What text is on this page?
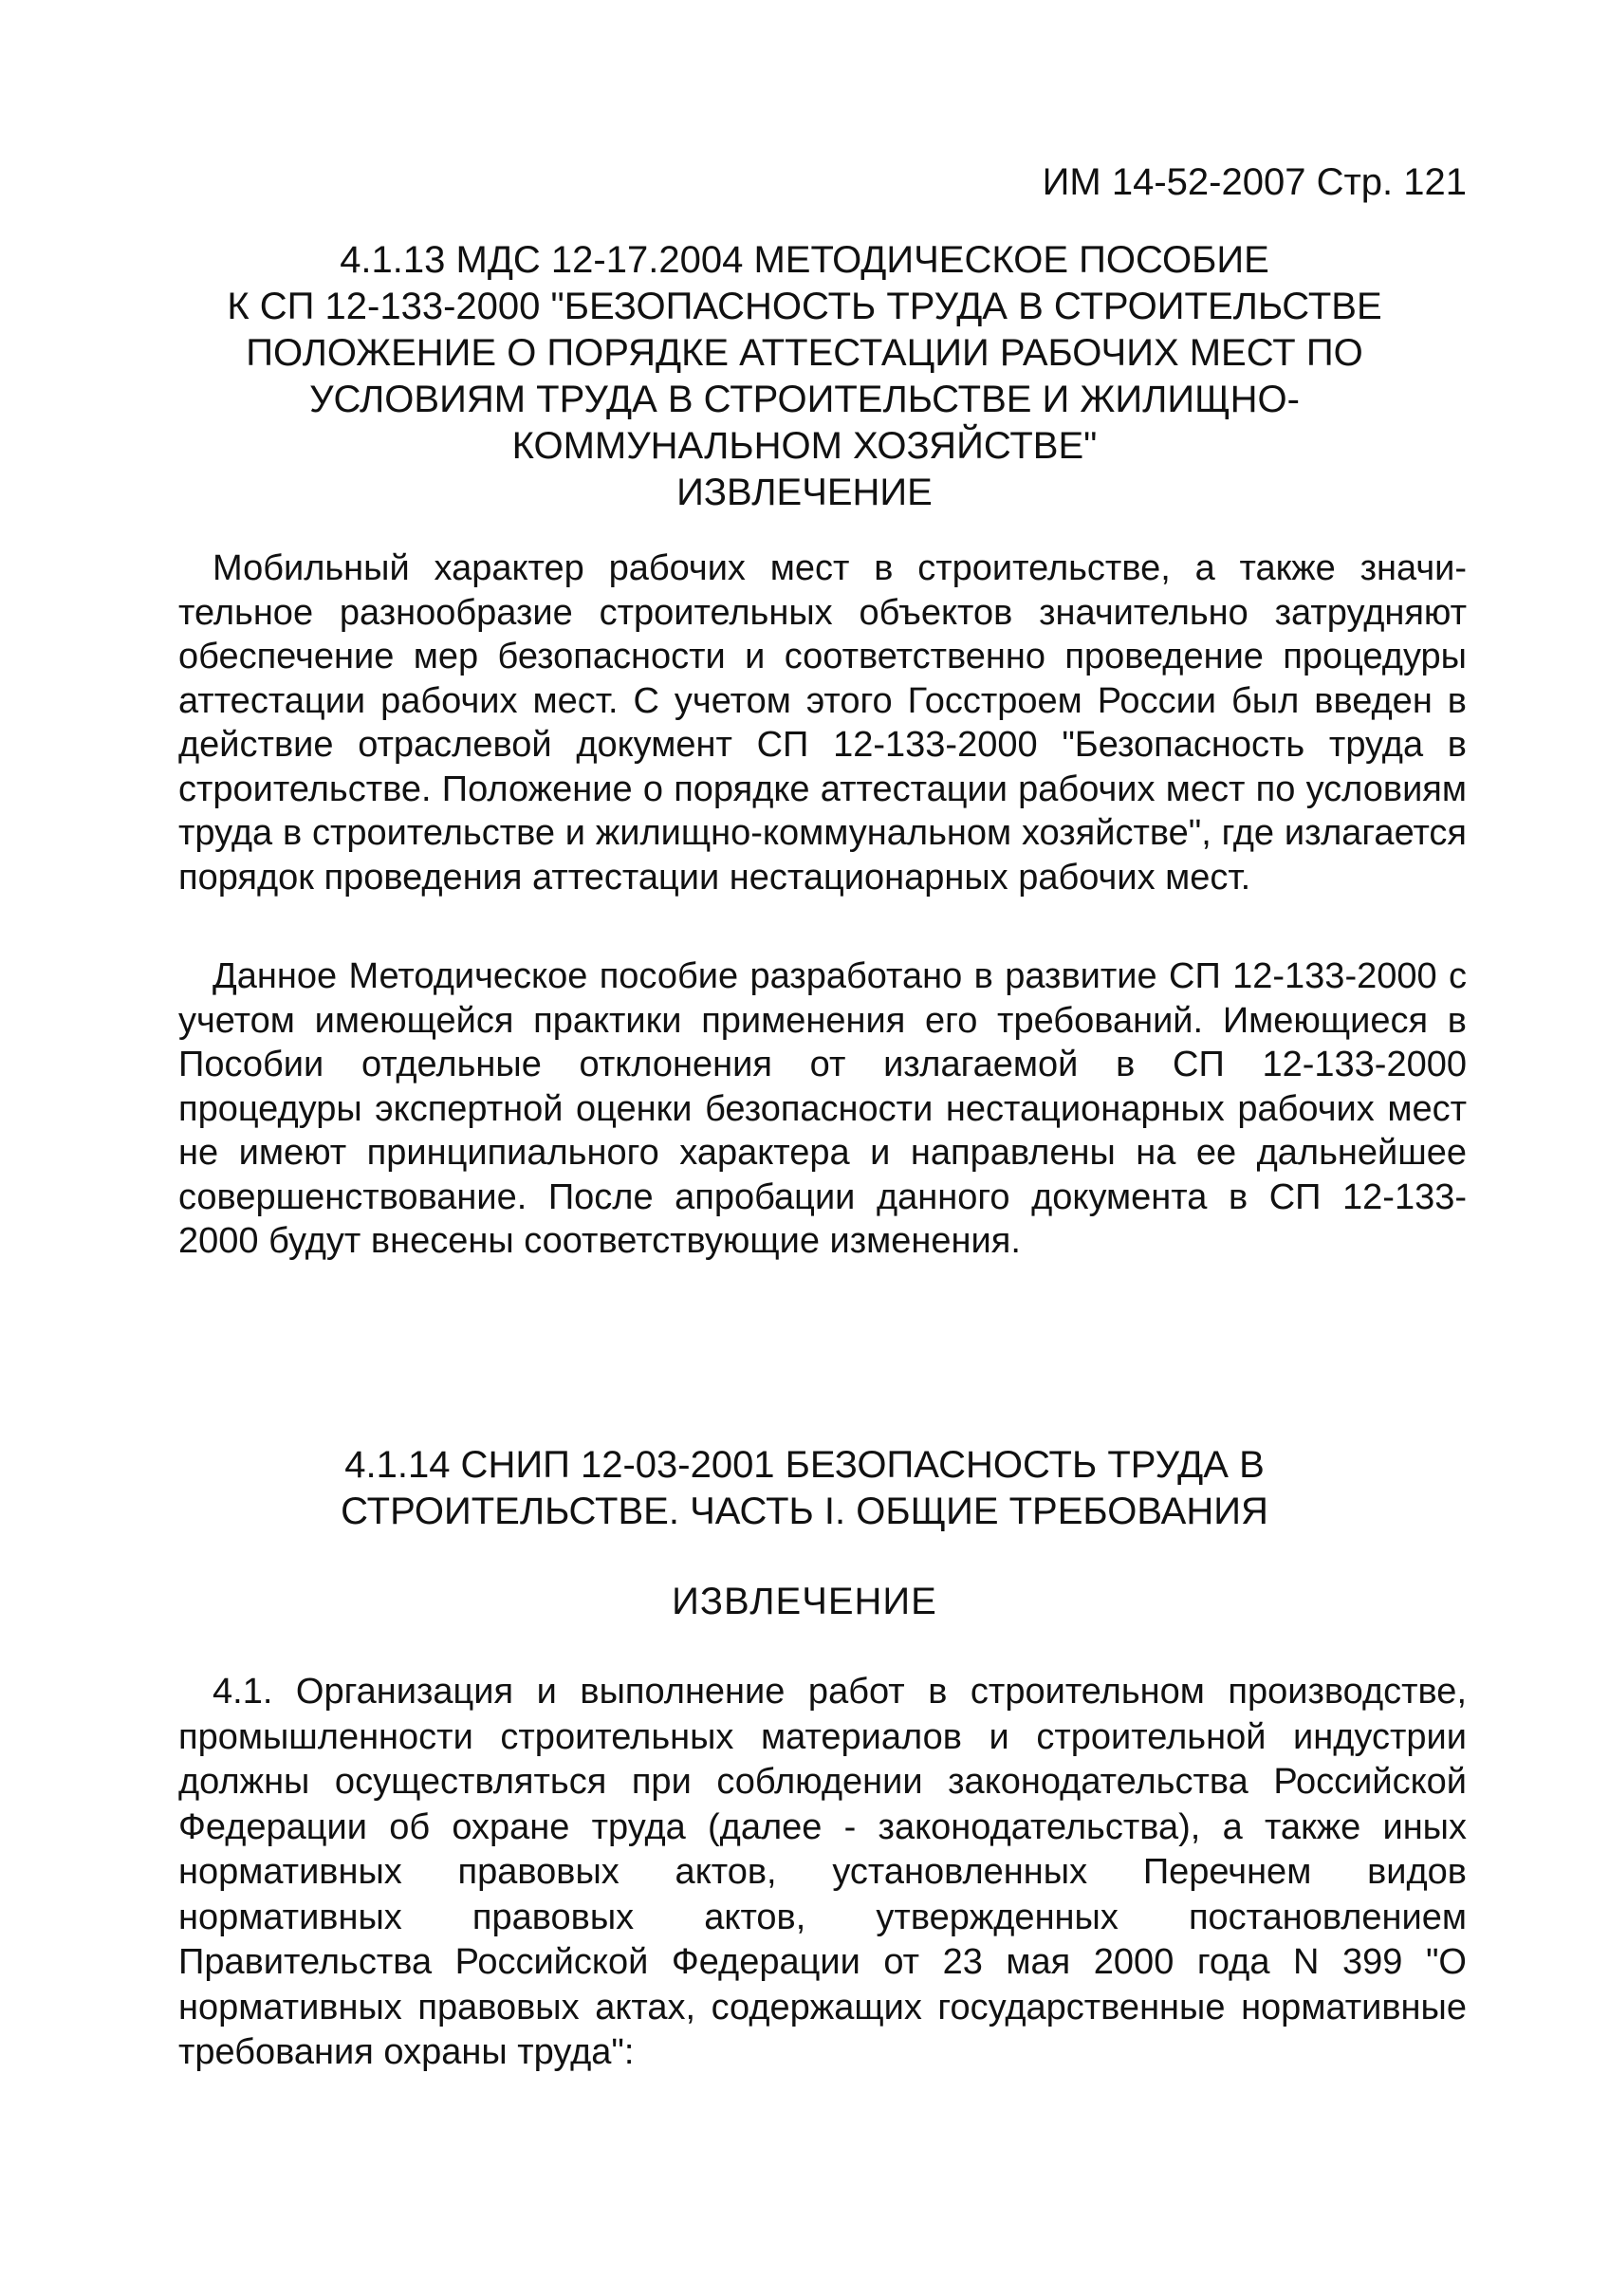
ИМ 14-52-2007 Стр. 121
4.1.13 МДС 12-17.2004 МЕТОДИЧЕСКОЕ ПОСОБИЕ
К СП 12-133-2000 "БЕЗОПАСНОСТЬ ТРУДА В СТРОИТЕЛЬСТВЕ
ПОЛОЖЕНИЕ О ПОРЯДКЕ АТТЕСТАЦИИ РАБОЧИХ МЕСТ ПО
УСЛОВИЯМ ТРУДА В СТРОИТЕЛЬСТВЕ И ЖИЛИЩНО-
КОММУНАЛЬНОМ ХОЗЯЙСТВЕ"
ИЗВЛЕЧЕНИЕ

Мобильный характер рабочих мест в строительстве, а также значительное разнообразие строительных объектов значительно затрудняют обеспечение мер безопасности и соответственно проведение процедуры аттестации рабочих мест. С учетом этого Госстроем России был введен в действие отраслевой документ СП 12-133-2000 "Безопасность труда в строительстве. Положение о порядке аттестации рабочих мест по условиям труда в строительстве и жилищно-коммунальном хозяйстве", где излагается порядок проведения аттестации нестационарных рабочих мест.

Данное Методическое пособие разработано в развитие СП 12-133-2000 с учетом имеющейся практики применения его требований. Имеющиеся в Пособии отдельные отклонения от излагаемой в СП 12-133-2000 процедуры экспертной оценки безопасности нестационарных рабочих мест не имеют принципиального характера и направлены на ее дальнейшее совершенствование. После апробации данного документа в СП 12-133-2000 будут внесены соответствующие изменения.

4.1.14 СНИП 12-03-2001 БЕЗОПАСНОСТЬ ТРУДА В
СТРОИТЕЛЬСТВЕ. ЧАСТЬ I. ОБЩИЕ ТРЕБОВАНИЯ
ИЗВЛЕЧЕНИЕ

4.1. Организация и выполнение работ в строительном производстве, промышленности строительных материалов и строительной индустрии должны осуществляться при соблюдении законодательства Российской Федерации об охране труда (далее - законодательства), а также иных нормативных правовых актов, установленных Перечнем видов нормативных правовых актов, утвержденных постановлением Правительства Российской Федерации от 23 мая 2000 года N 399 "О нормативных правовых актах, содержащих государственные нормативные требования охраны труда":
